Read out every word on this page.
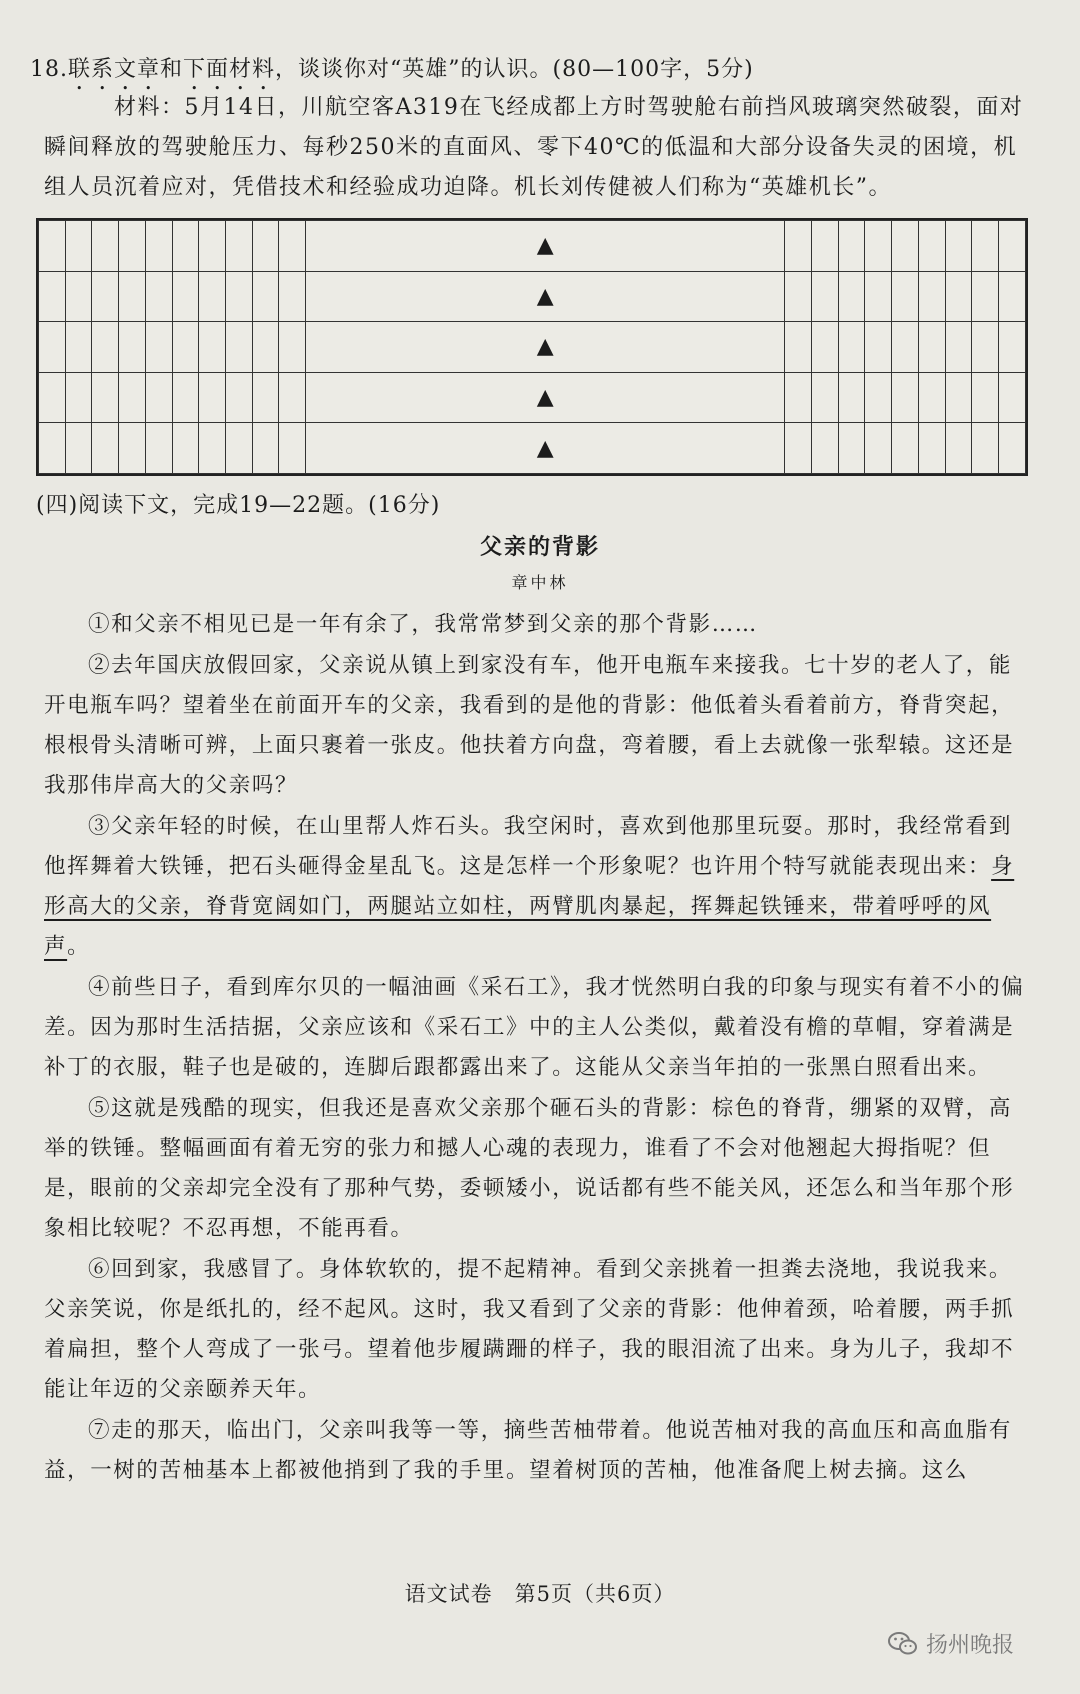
18.联系文章和下面材料，谈谈你对“英雄”的认识。(80—100字，5分)
材料：5月14日，川航空客A319在飞经成都上方时驾驶舱右前挡风玻璃突然破裂，面对瞬间释放的驾驶舱压力、每秒250米的直面风、零下40℃的低温和大部分设备失灵的困境，机组人员沉着应对，凭借技术和经验成功迫降。机长刘传健被人们称为“英雄机长”。
										▲									
										▲									
										▲									
										▲									
										▲									
(四)阅读下文，完成19—22题。(16分)
父亲的背影
章中林

①和父亲不相见已是一年有余了，我常常梦到父亲的那个背影……

②去年国庆放假回家，父亲说从镇上到家没有车，他开电瓶车来接我。七十岁的老人了，能开电瓶车吗？望着坐在前面开车的父亲，我看到的是他的背影：他低着头看着前方，脊背突起，根根骨头清晰可辨，上面只裹着一张皮。他扶着方向盘，弯着腰，看上去就像一张犁辕。这还是我那伟岸高大的父亲吗？

③父亲年轻的时候，在山里帮人炸石头。我空闲时，喜欢到他那里玩耍。那时，我经常看到他挥舞着大铁锤，把石头砸得金星乱飞。这是怎样一个形象呢？也许用个特写就能表现出来：身形高大的父亲，脊背宽阔如门，两腿站立如柱，两臂肌肉暴起，挥舞起铁锤来，带着呼呼的风声。

④前些日子，看到库尔贝的一幅油画《采石工》，我才恍然明白我的印象与现实有着不小的偏差。因为那时生活拮据，父亲应该和《采石工》中的主人公类似，戴着没有檐的草帽，穿着满是补丁的衣服，鞋子也是破的，连脚后跟都露出来了。这能从父亲当年拍的一张黑白照看出来。

⑤这就是残酷的现实，但我还是喜欢父亲那个砸石头的背影：棕色的脊背，绷紧的双臂，高举的铁锤。整幅画面有着无穷的张力和撼人心魂的表现力，谁看了不会对他翘起大拇指呢？但是，眼前的父亲却完全没有了那种气势，委顿矮小，说话都有些不能关风，还怎么和当年那个形象相比较呢？不忍再想，不能再看。

⑥回到家，我感冒了。身体软软的，提不起精神。看到父亲挑着一担粪去浇地，我说我来。父亲笑说，你是纸扎的，经不起风。这时，我又看到了父亲的背影：他伸着颈，哈着腰，两手抓着扁担，整个人弯成了一张弓。望着他步履蹒跚的样子，我的眼泪流了出来。身为儿子，我却不能让年迈的父亲颐养天年。

⑦走的那天，临出门，父亲叫我等一等，摘些苦柚带着。他说苦柚对我的高血压和高血脂有益，一树的苦柚基本上都被他捎到了我的手里。望着树顶的苦柚，他准备爬上树去摘。这么

语文试卷　第5页（共6页）
扬州晚报
